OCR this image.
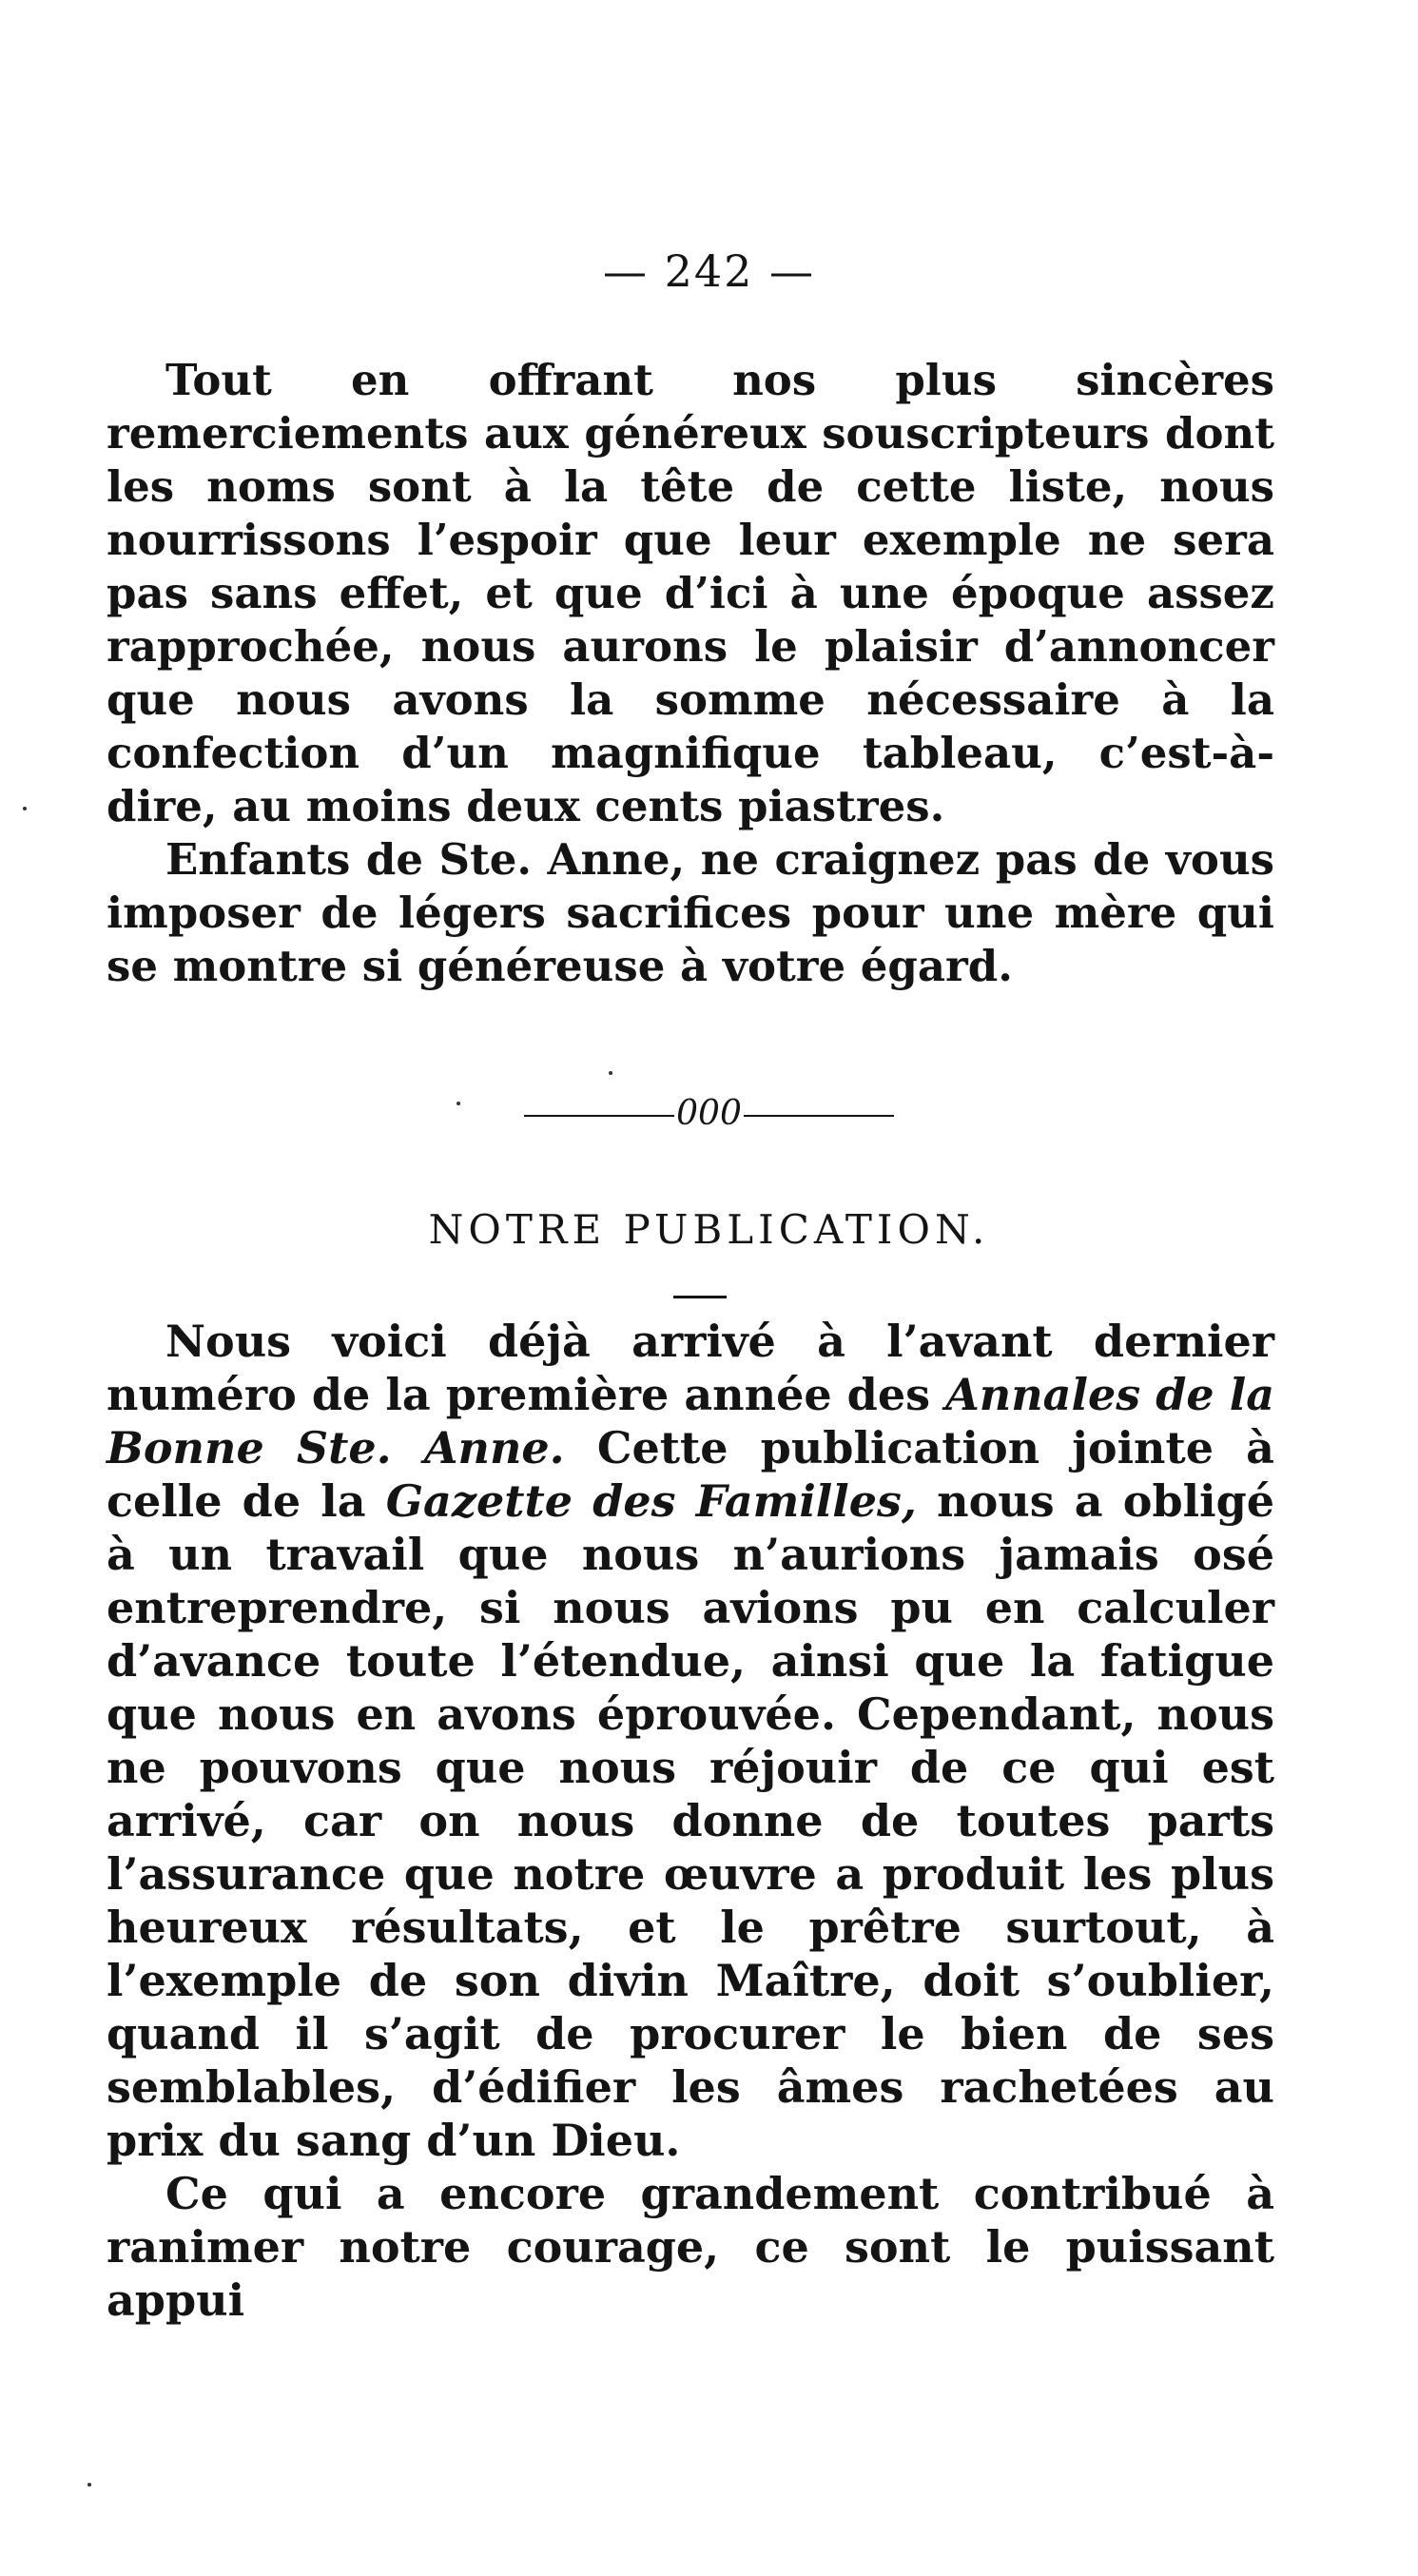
— 242 —

Tout en offrant nos plus sincères remerciements aux généreux souscripteurs dont les noms sont à la tête de cette liste, nous nourrissons l’espoir que leur exemple ne sera pas sans effet, et que d’ici à une époque assez rapprochée, nous aurons le plaisir d’annoncer que nous avons la somme nécessaire à la confection d’un magnifique tableau, c’est-à-dire, au moins deux cents piastres.

Enfants de Ste. Anne, ne craignez pas de vous imposer de légers sacrifices pour une mère qui se montre si généreuse à votre égard.

000
NOTRE PUBLICATION.

Nous voici déjà arrivé à l’avant dernier numéro de la première année des Annales de la Bonne Ste. Anne. Cette publication jointe à celle de la Gazette des Familles, nous a obligé à un travail que nous n’aurions jamais osé entreprendre, si nous avions pu en calculer d’avance toute l’étendue, ainsi que la fatigue que nous en avons éprouvée. Cependant, nous ne pouvons que nous réjouir de ce qui est arrivé, car on nous donne de toutes parts l’assurance que notre œuvre a produit les plus heureux résultats, et le prêtre surtout, à l’exemple de son divin Maître, doit s’oublier, quand il s’agit de procurer le bien de ses semblables, d’édifier les âmes rachetées au prix du sang d’un Dieu.

Ce qui a encore grandement contribué à ranimer notre courage, ce sont le puissant appui
